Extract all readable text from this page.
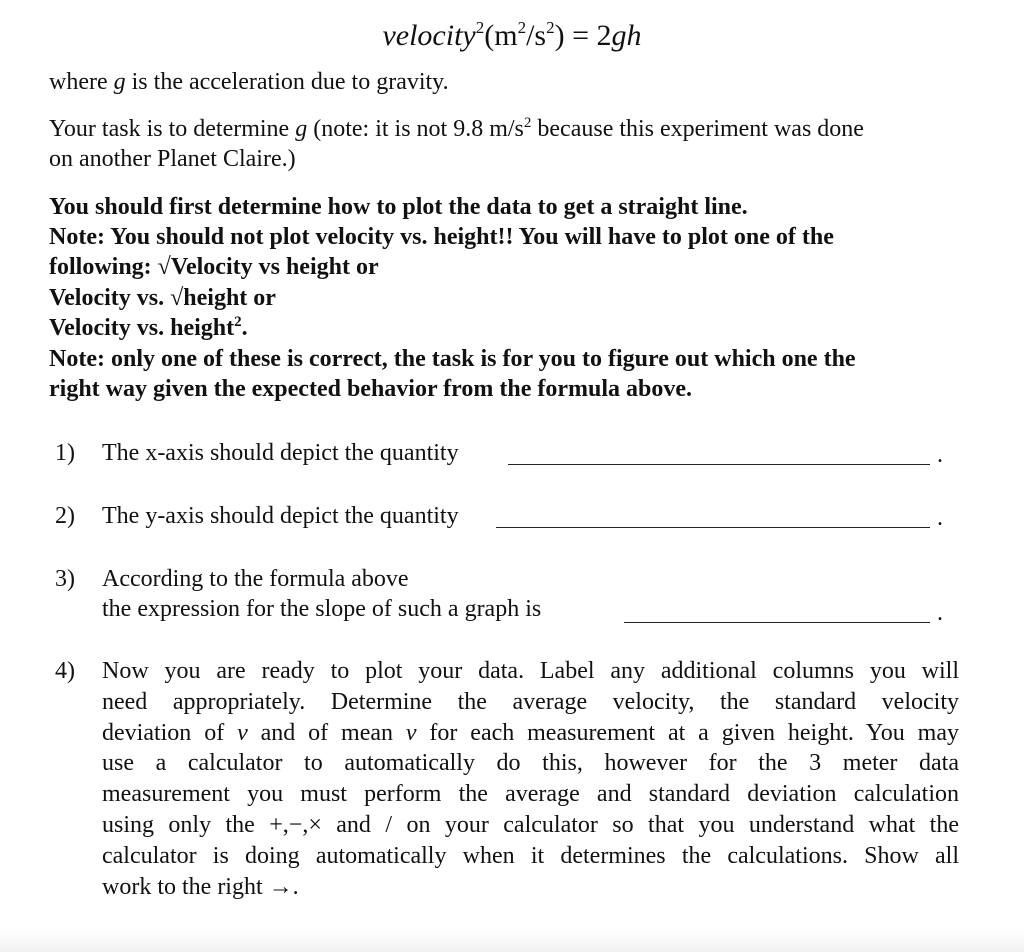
$velocity^2(m^2/s^2) = 2gh$
where g is the acceleration due to gravity.
Your task is to determine g (note: it is not 9.8 $m/s^2$ because this experiment was done
on another Planet Claire.)
You should first determine how to plot the data to get a straight line.
Note: You should not plot velocity vs. height!! You will have to plot one of the
following: √Velocity vs height or
Velocity vs. √height or
Velocity vs. height$^2$.
Note: only one of these is correct, the task is for you to figure out which one the
right way given the expected behavior from the formula above.
1) The x-axis should depict the quantity	.
2) The y-axis should depict the quantity	.
3) According to the formula above
the expression for the slope of such a graph is	.
4) Now you are ready to plot your data. Label any additional columns you will
need appropriately. Determine the average velocity, the standard velocity
deviation of v and of mean v for each measurement at a given height. You may
use a calculator to automatically do this, however for the 3 meter data
measurement you must perform the average and standard deviation calculation
using only the +,−,× and / on your calculator so that you understand what the
calculator is doing automatically when it determines the calculations. Show all
work to the right →.
